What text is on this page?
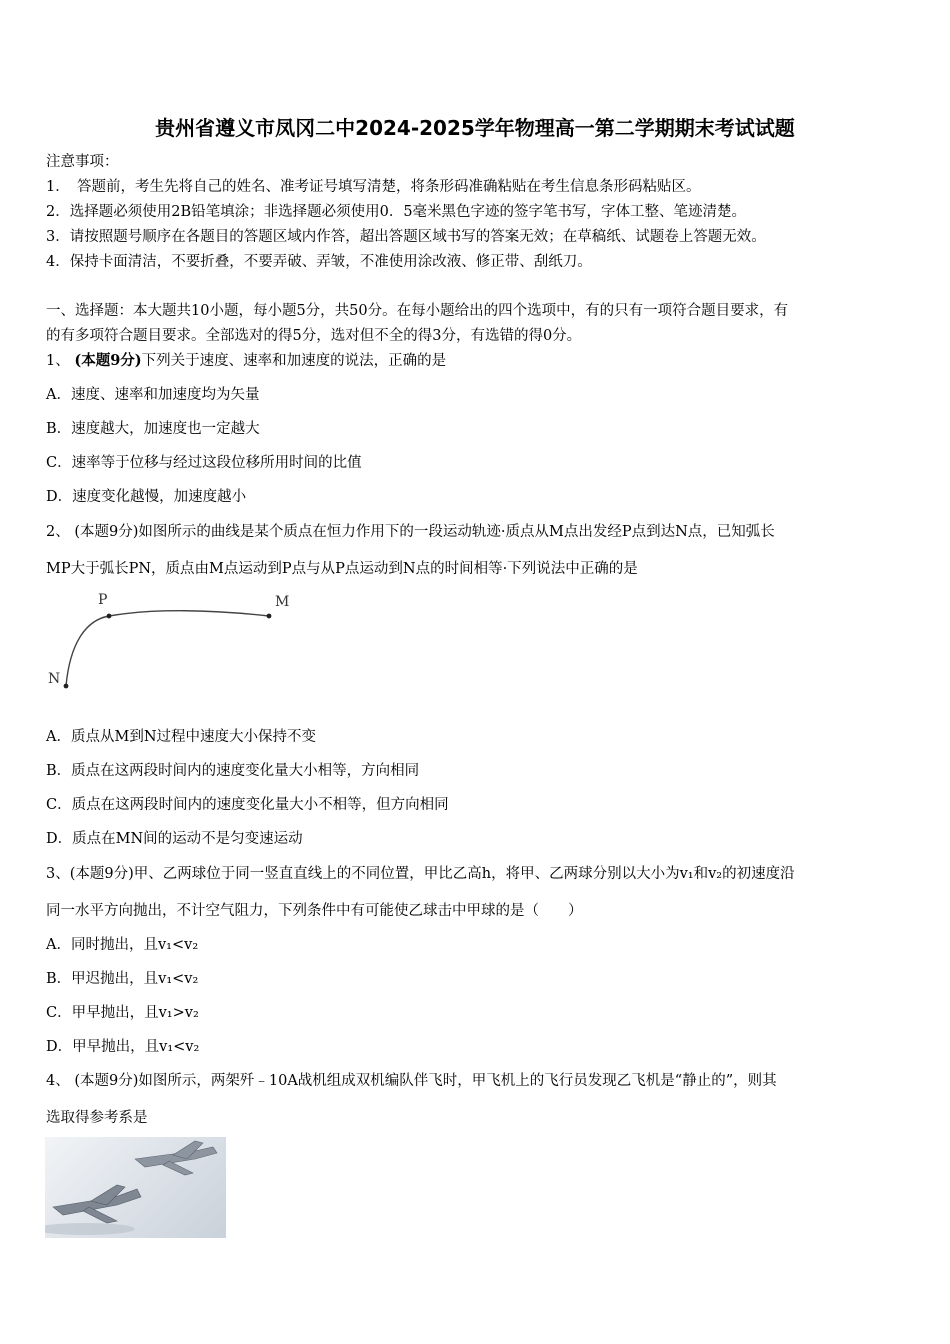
贵州省遵义市凤冈二中2024-2025学年物理高一第二学期期末考试试题
注意事项：
1．　答题前，考生先将自己的姓名、准考证号填写清楚，将条形码准确粘贴在考生信息条形码粘贴区。
2．选择题必须使用2B铅笔填涂；非选择题必须使用0．5毫米黑色字迹的签字笔书写，字体工整、笔迹清楚。
3．请按照题号顺序在各题目的答题区域内作答，超出答题区域书写的答案无效；在草稿纸、试题卷上答题无效。
4．保持卡面清洁，不要折叠，不要弄破、弄皱，不准使用涂改液、修正带、刮纸刀。
一、选择题：本大题共10小题，每小题5分，共50分。在每小题给出的四个选项中，有的只有一项符合题目要求，有
的有多项符合题目要求。全部选对的得5分，选对但不全的得3分，有选错的得0分。
1、 (本题9分)下列关于速度、速率和加速度的说法，正确的是
A．速度、速率和加速度均为矢量
B．速度越大，加速度也一定越大
C．速率等于位移与经过这段位移所用时间的比值
D．速度变化越慢，加速度越小
2、 (本题9分)如图所示的曲线是某个质点在恒力作用下的一段运动轨迹·质点从M点出发经P点到达N点，已知弧长
MP大于弧长PN，质点由M点运动到P点与从P点运动到N点的时间相等·下列说法中正确的是
P	M
N
A．质点从M到N过程中速度大小保持不变
B．质点在这两段时间内的速度变化量大小相等，方向相同
C．质点在这两段时间内的速度变化量大小不相等，但方向相同
D．质点在MN间的运动不是匀变速运动
3、(本题9分)甲、乙两球位于同一竖直直线上的不同位置，甲比乙高h，将甲、乙两球分别以大小为v₁和v₂的初速度沿
同一水平方向抛出，不计空气阻力，下列条件中有可能使乙球击中甲球的是（　　）
A．同时抛出，且v₁<v₂
B．甲迟抛出，且v₁<v₂
C．甲早抛出，且v₁>v₂
D．甲早抛出，且v₁<v₂
4、 (本题9分)如图所示，两架歼﹣10A战机组成双机编队伴飞时，甲飞机上的飞行员发现乙飞机是“静止的”，则其
选取得参考系是
